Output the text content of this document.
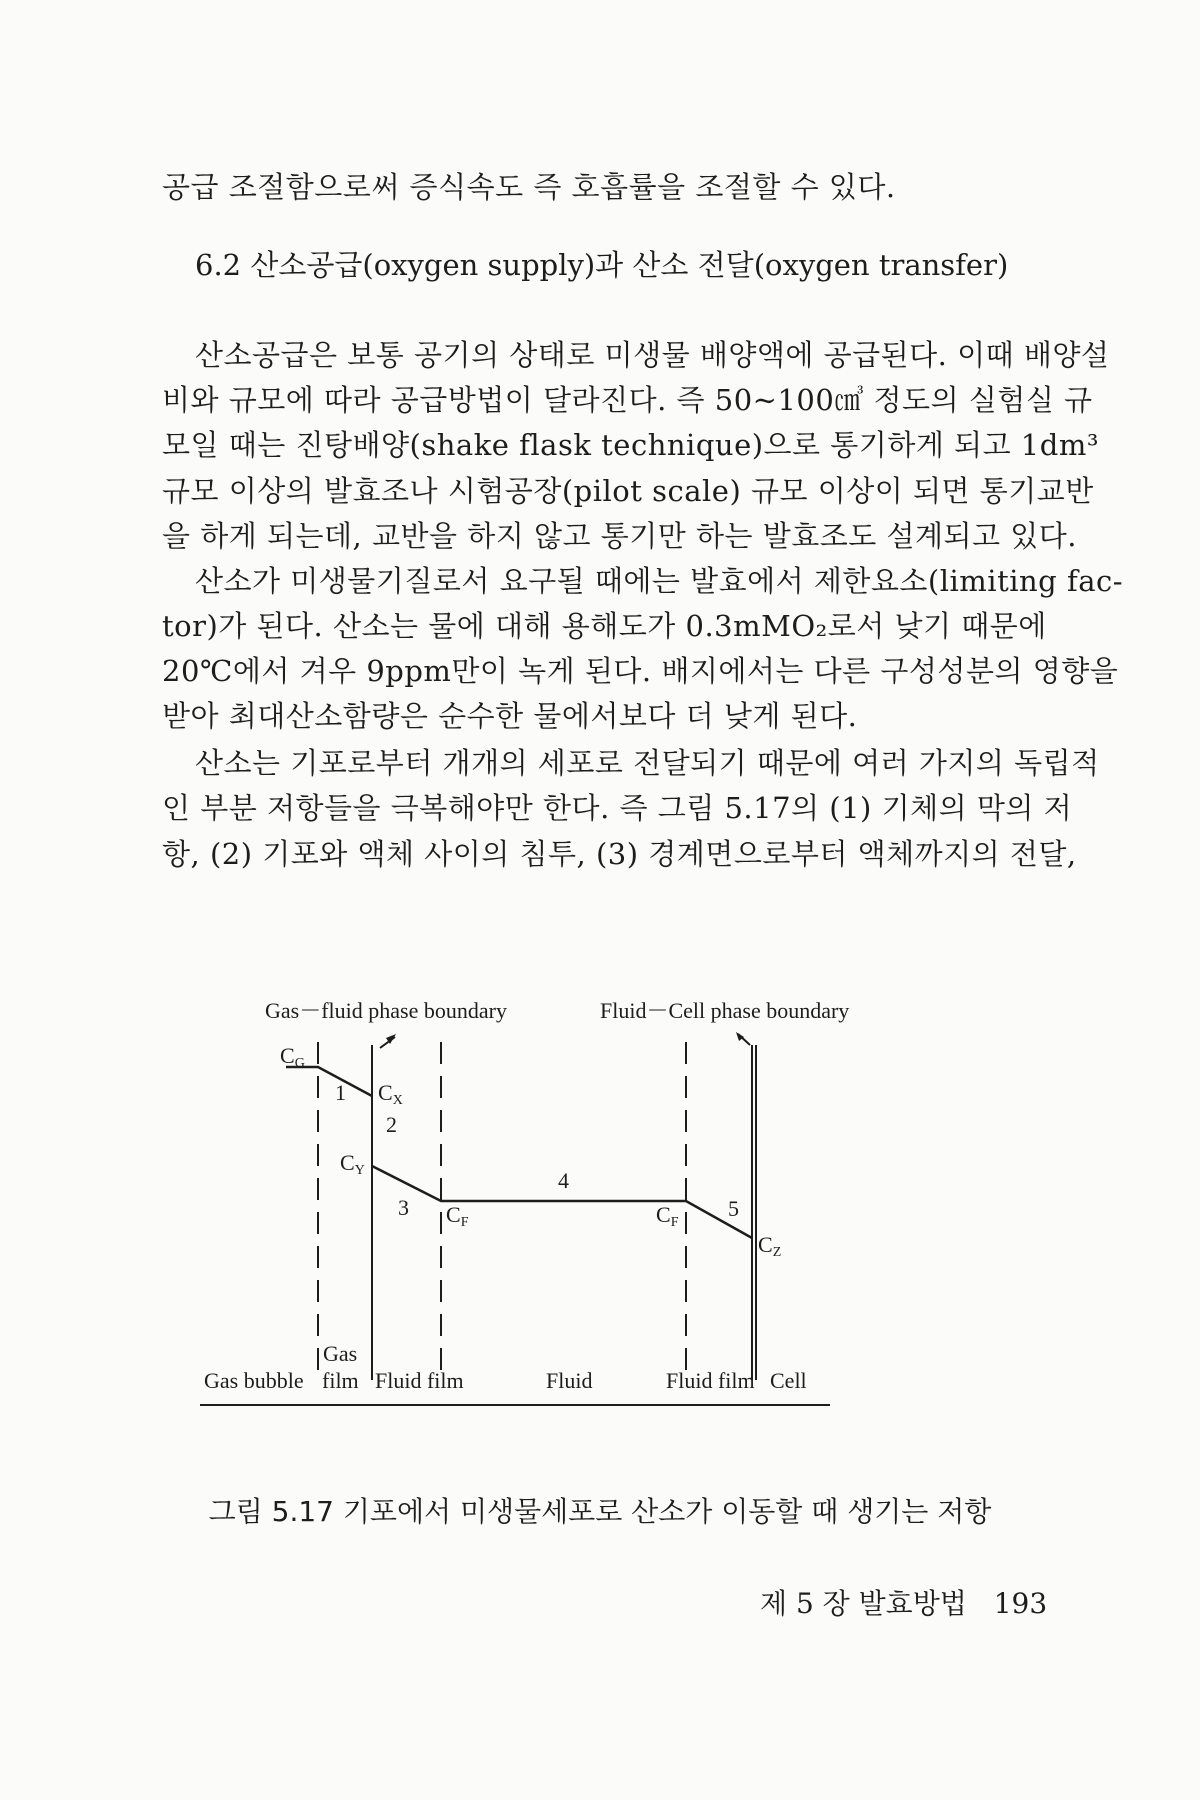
공급 조절함으로써 증식속도 즉 호흡률을 조절할 수 있다.
6.2 산소공급(oxygen supply)과 산소 전달(oxygen transfer)
산소공급은 보통 공기의 상태로 미생물 배양액에 공급된다. 이때 배양설
비와 규모에 따라 공급방법이 달라진다. 즉 50∼100㎤ 정도의 실험실 규
모일 때는 진탕배양(shake flask technique)으로 통기하게 되고 1dm³
규모 이상의 발효조나 시험공장(pilot scale) 규모 이상이 되면 통기교반
을 하게 되는데, 교반을 하지 않고 통기만 하는 발효조도 설계되고 있다.
산소가 미생물기질로서 요구될 때에는 발효에서 제한요소(limiting fac-
tor)가 된다. 산소는 물에 대해 용해도가 0.3mMO₂로서 낮기 때문에
20℃에서 겨우 9ppm만이 녹게 된다. 배지에서는 다른 구성성분의 영향을
받아 최대산소함량은 순수한 물에서보다 더 낮게 된다.
산소는 기포로부터 개개의 세포로 전달되기 때문에 여러 가지의 독립적
인 부분 저항들을 극복해야만 한다. 즉 그림 5.17의 (1) 기체의 막의 저
항, (2) 기포와 액체 사이의 침투, (3) 경계면으로부터 액체까지의 전달,
Gas－fluid phase boundary	Fluid－Cell phase boundary
CG
CX
CY
CF	CF
CZ
1
2
3
4
5
Gas
Gas bubble film Fluid film	Fluid	Fluid film Cell
그림 5.17 기포에서 미생물세포로 산소가 이동할 때 생기는 저항
제 5 장 발효방법 193
